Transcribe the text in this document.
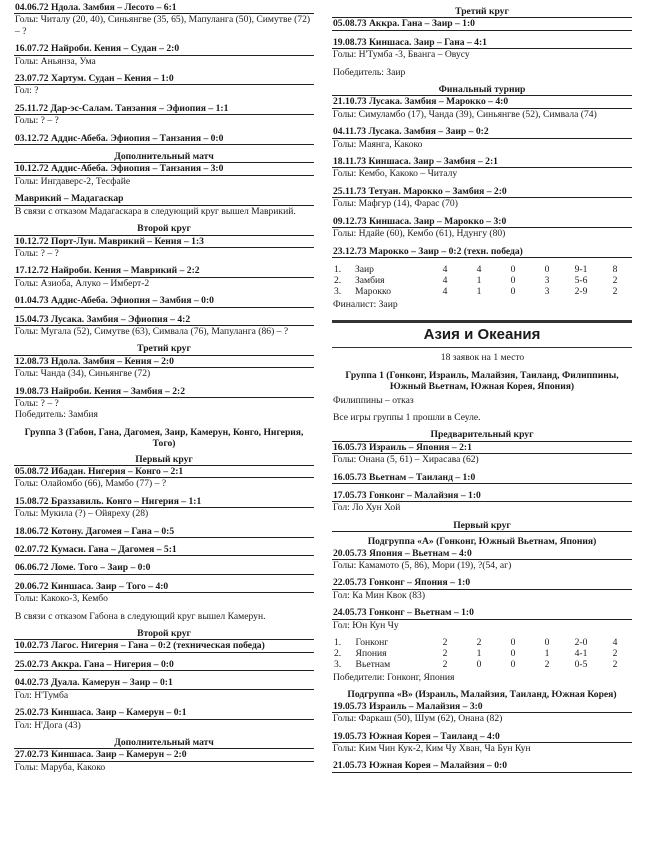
04.06.72 Ндола. Замбия – Лесото – 6:1
Голы: Читалу (20, 40), Синьянгве (35, 65), Мапуланга (50), Симутве (72) – ?
16.07.72 Найроби. Кения – Судан – 2:0
Голы: Аньянза, Ума
23.07.72 Хартум. Судан – Кения – 1:0
Гол: ?
25.11.72 Дар-эс-Салам. Танзания – Эфиопия – 1:1
Голы: ? – ?
03.12.72 Аддис-Абеба. Эфиопия – Танзания – 0:0
Дополнительный матч
10.12.72 Аддис-Абеба. Эфиопия – Танзания – 3:0
Голы: Ингдаверс-2, Тесфайе
Маврикий – Мадагаскар
В связи с отказом Мадагаскара в следующий круг вышел Маврикий.
Второй круг
10.12.72 Порт-Луи. Маврикий – Кения – 1:3
Голы: ? – ?
17.12.72 Найроби. Кения – Маврикий – 2:2
Голы: Азиоба, Алуко – Имберт-2
01.04.73 Аддис-Абеба. Эфиопия – Замбия – 0:0
15.04.73 Лусака. Замбия – Эфиопия – 4:2
Голы: Мугала (52), Симутве (63), Симвала (76), Мапуланга (86) – ?
Третий круг
12.08.73 Ндола. Замбия – Кения – 2:0
Голы: Чанда (34), Синьянгве (72)
19.08.73 Найроби. Кения – Замбия – 2:2
Голы: ? – ?
Победитель: Замбия
Группа 3 (Габон, Гана, Дагомея, Заир, Камерун, Конго, Нигерия, Того)
Первый круг
05.08.72 Ибадан. Нигерия – Конго – 2:1
Голы: Олайомбо (66), Мамбо (77) – ?
15.08.72 Браззавиль. Конго – Нигерия – 1:1
Голы: Мукила (?) – Ойяреху (28)
18.06.72 Котону. Дагомея – Гана – 0:5
02.07.72 Кумаси. Гана – Дагомея – 5:1
06.06.72 Ломе. Того – Заир – 0:0
20.06.72 Киншаса. Заир – Того – 4:0
Голы: Какоко-3, Кембо
В связи с отказом Габона в следующий круг вышел Камерун.
Второй круг
10.02.73 Лагос. Нигерия – Гана – 0:2 (техническая победа)
25.02.73 Аккра. Гана – Нигерия – 0:0
04.02.73 Дуала. Камерун – Заир – 0:1
Гол: Н'Тумба
25.02.73 Киншаса. Заир – Камерун – 0:1
Гол: Н'Дога (43)
Дополнительный матч
27.02.73 Киншаса. Заир – Камерун – 2:0
Голы: Маруба, Какоко
Третий круг
05.08.73 Аккра. Гана – Заир – 1:0
19.08.73 Киншаса. Заир – Гана – 4:1
Голы: Н'Тумба -3, Бванга – Овусу
Победитель: Заир
Финальный турнир
21.10.73 Лусака. Замбия – Марокко – 4:0
Голы: Симуламбо (17), Чанда (39), Синьянгве (52), Симвала (74)
04.11.73 Лусака. Замбия – Заир – 0:2
Голы: Маянга, Какоко
18.11.73 Киншаса. Заир – Замбия – 2:1
Голы: Кембо, Какоко – Читалу
25.11.73 Тетуан. Марокко – Замбия – 2:0
Голы: Мафгур (14), Фарас (70)
09.12.73 Киншаса. Заир – Марокко – 3:0
Голы: Ндайе (60), Кембо (61), Ндунгу (80)
23.12.73 Марокко – Заир – 0:2 (техн. победа)
1.	Заир	4	4	0	0	9-1	8
2.	Замбия	4	1	0	3	5-6	2
3.	Марокко	4	1	0	3	2-9	2
Финалист: Заир
Азия и Океания
18 заявок на 1 место
Группа 1 (Гонконг, Израиль, Малайзия, Таиланд, Филиппины, Южный Вьетнам, Южная Корея, Япония)
Филиппины – отказ
Все игры группы 1 прошли в Сеуле.
Предварительный круг
16.05.73 Израиль – Япония – 2:1
Голы: Онана (5, 61) – Хирасава (62)
16.05.73 Вьетнам – Таиланд – 1:0
17.05.73 Гонконг – Малайзия – 1:0
Гол: Ло Хун Хой
Первый круг
Подгруппа «А» (Гонконг, Южный Вьетнам, Япония)
20.05.73 Япония – Вьетнам – 4:0
Голы: Камамото (5, 86), Мори (19), ?(54, аг)
22.05.73 Гонконг – Япония – 1:0
Гол: Ка Мин Квок (83)
24.05.73 Гонконг – Вьетнам – 1:0
Гол: Юн Кун Чу
1.	Гонконг	2	2	0	0	2-0	4
2.	Япония	2	1	0	1	4-1	2
3.	Вьетнам	2	0	0	2	0-5	2
Победители: Гонконг, Япония
Подгруппа «В» (Израиль, Малайзия, Таиланд, Южная Корея)
19.05.73 Израиль – Малайзия – 3:0
Голы: Фаркаш (50), Шум (62), Онана (82)
19.05.73 Южная Корея – Таиланд – 4:0
Голы: Ким Чин Кук-2, Ким Чу Хван, Ча Бун Кун
21.05.73 Южная Корея – Малайзия – 0:0
